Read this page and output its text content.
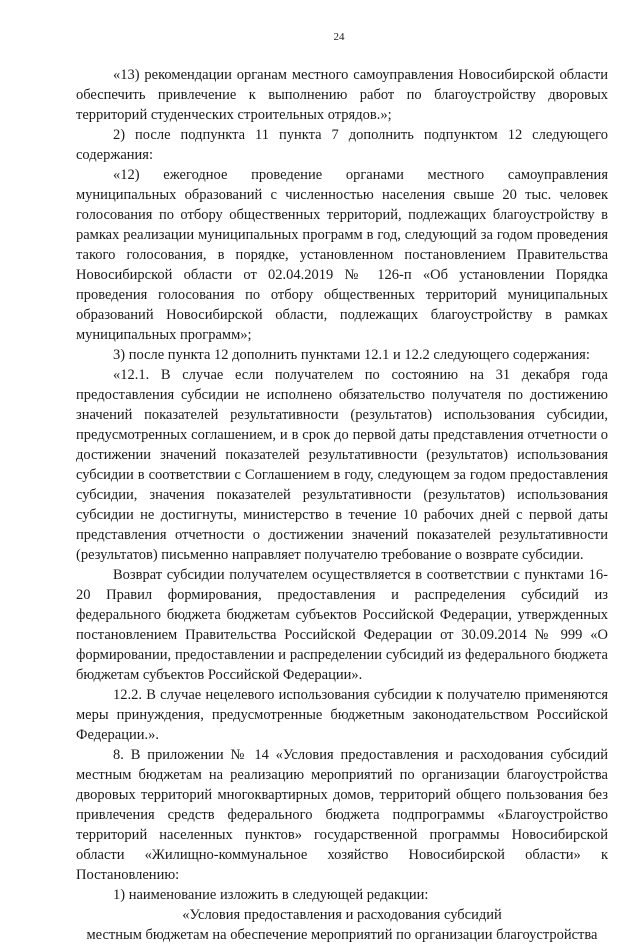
24

«13) рекомендации органам местного самоуправления Новосибирской области обеспечить привлечение к выполнению работ по благоустройству дворовых территорий студенческих строительных отрядов.»;

2) после подпункта 11 пункта 7 дополнить подпунктом 12 следующего содержания:

«12) ежегодное проведение органами местного самоуправления муниципальных образований с численностью населения свыше 20 тыс. человек голосования по отбору общественных территорий, подлежащих благоустройству в рамках реализации муниципальных программ в год, следующий за годом проведения такого голосования, в порядке, установленном постановлением Правительства Новосибирской области от 02.04.2019 № 126-п «Об установлении Порядка проведения голосования по отбору общественных территорий муниципальных образований Новосибирской области, подлежащих благоустройству в рамках муниципальных программ»;

3) после пункта 12 дополнить пунктами 12.1 и 12.2 следующего содержания:

«12.1. В случае если получателем по состоянию на 31 декабря года предоставления субсидии не исполнено обязательство получателя по достижению значений показателей результативности (результатов) использования субсидии, предусмотренных соглашением, и в срок до первой даты представления отчетности о достижении значений показателей результативности (результатов) использования субсидии в соответствии с Соглашением в году, следующем за годом предоставления субсидии, значения показателей результативности (результатов) использования субсидии не достигнуты, министерство в течение 10 рабочих дней с первой даты представления отчетности о достижении значений показателей результативности (результатов) письменно направляет получателю требование о возврате субсидии.

Возврат субсидии получателем осуществляется в соответствии с пунктами 16-20 Правил формирования, предоставления и распределения субсидий из федерального бюджета бюджетам субъектов Российской Федерации, утвержденных постановлением Правительства Российской Федерации от 30.09.2014 № 999 «О формировании, предоставлении и распределении субсидий из федерального бюджета бюджетам субъектов Российской Федерации».

12.2. В случае нецелевого использования субсидии к получателю применяются меры принуждения, предусмотренные бюджетным законодательством Российской Федерации.».

8. В приложении № 14 «Условия предоставления и расходования субсидий местным бюджетам на реализацию мероприятий по организации благоустройства дворовых территорий многоквартирных домов, территорий общего пользования без привлечения средств федерального бюджета подпрограммы «Благоустройство территорий населенных пунктов» государственной программы Новосибирской области «Жилищно-коммунальное хозяйство Новосибирской области» к Постановлению:

1) наименование изложить в следующей редакции:

«Условия предоставления и расходования субсидий

местным бюджетам на обеспечение мероприятий по организации благоустройства
